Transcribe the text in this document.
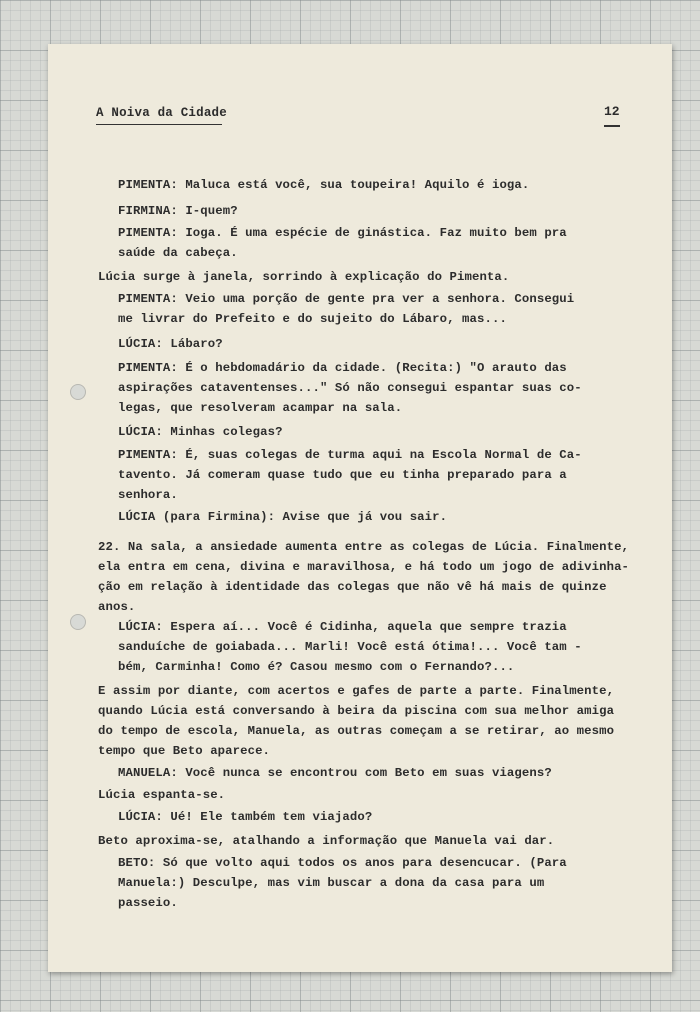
A Noiva da Cidade	12
PIMENTA: Maluca está você, sua toupeira! Aquilo é ioga.
FIRMINA: I-quem?
PIMENTA: Ioga. É uma espécie de ginástica. Faz muito bem pra
saúde da cabeça.
Lúcia surge à janela, sorrindo à explicação do Pimenta.
PIMENTA: Veio uma porção de gente pra ver a senhora. Consegui
me livrar do Prefeito e do sujeito do Lábaro, mas...
LÚCIA: Lábaro?
PIMENTA: É o hebdomadário da cidade. (Recita:) "O arauto das
aspirações cataventenses..." Só não consegui espantar suas co-
legas, que resolveram acampar na sala.
LÚCIA: Minhas colegas?
PIMENTA: É, suas colegas de turma aqui na Escola Normal de Ca-
tavento. Já comeram quase tudo que eu tinha preparado para a
senhora.
LÚCIA (para Firmina): Avise que já vou sair.
22. Na sala, a ansiedade aumenta entre as colegas de Lúcia. Finalmente,
ela entra em cena, divina e maravilhosa, e há todo um jogo de adivinha-
ção em relação à identidade das colegas que não vê há mais de quinze
anos.
LÚCIA: Espera aí... Você é Cidinha, aquela que sempre trazia
sanduíche de goiabada... Marli! Você está ótima!... Você tam -
bém, Carminha! Como é? Casou mesmo com o Fernando?...
E assim por diante, com acertos e gafes de parte a parte. Finalmente,
quando Lúcia está conversando à beira da piscina com sua melhor amiga
do tempo de escola, Manuela, as outras começam a se retirar, ao mesmo
tempo que Beto aparece.
MANUELA: Você nunca se encontrou com Beto em suas viagens?
Lúcia espanta-se.
LÚCIA: Ué! Ele também tem viajado?
Beto aproxima-se, atalhando a informação que Manuela vai dar.
BETO: Só que volto aqui todos os anos para desencucar. (Para
Manuela:) Desculpe, mas vim buscar a dona da casa para um
passeio.
